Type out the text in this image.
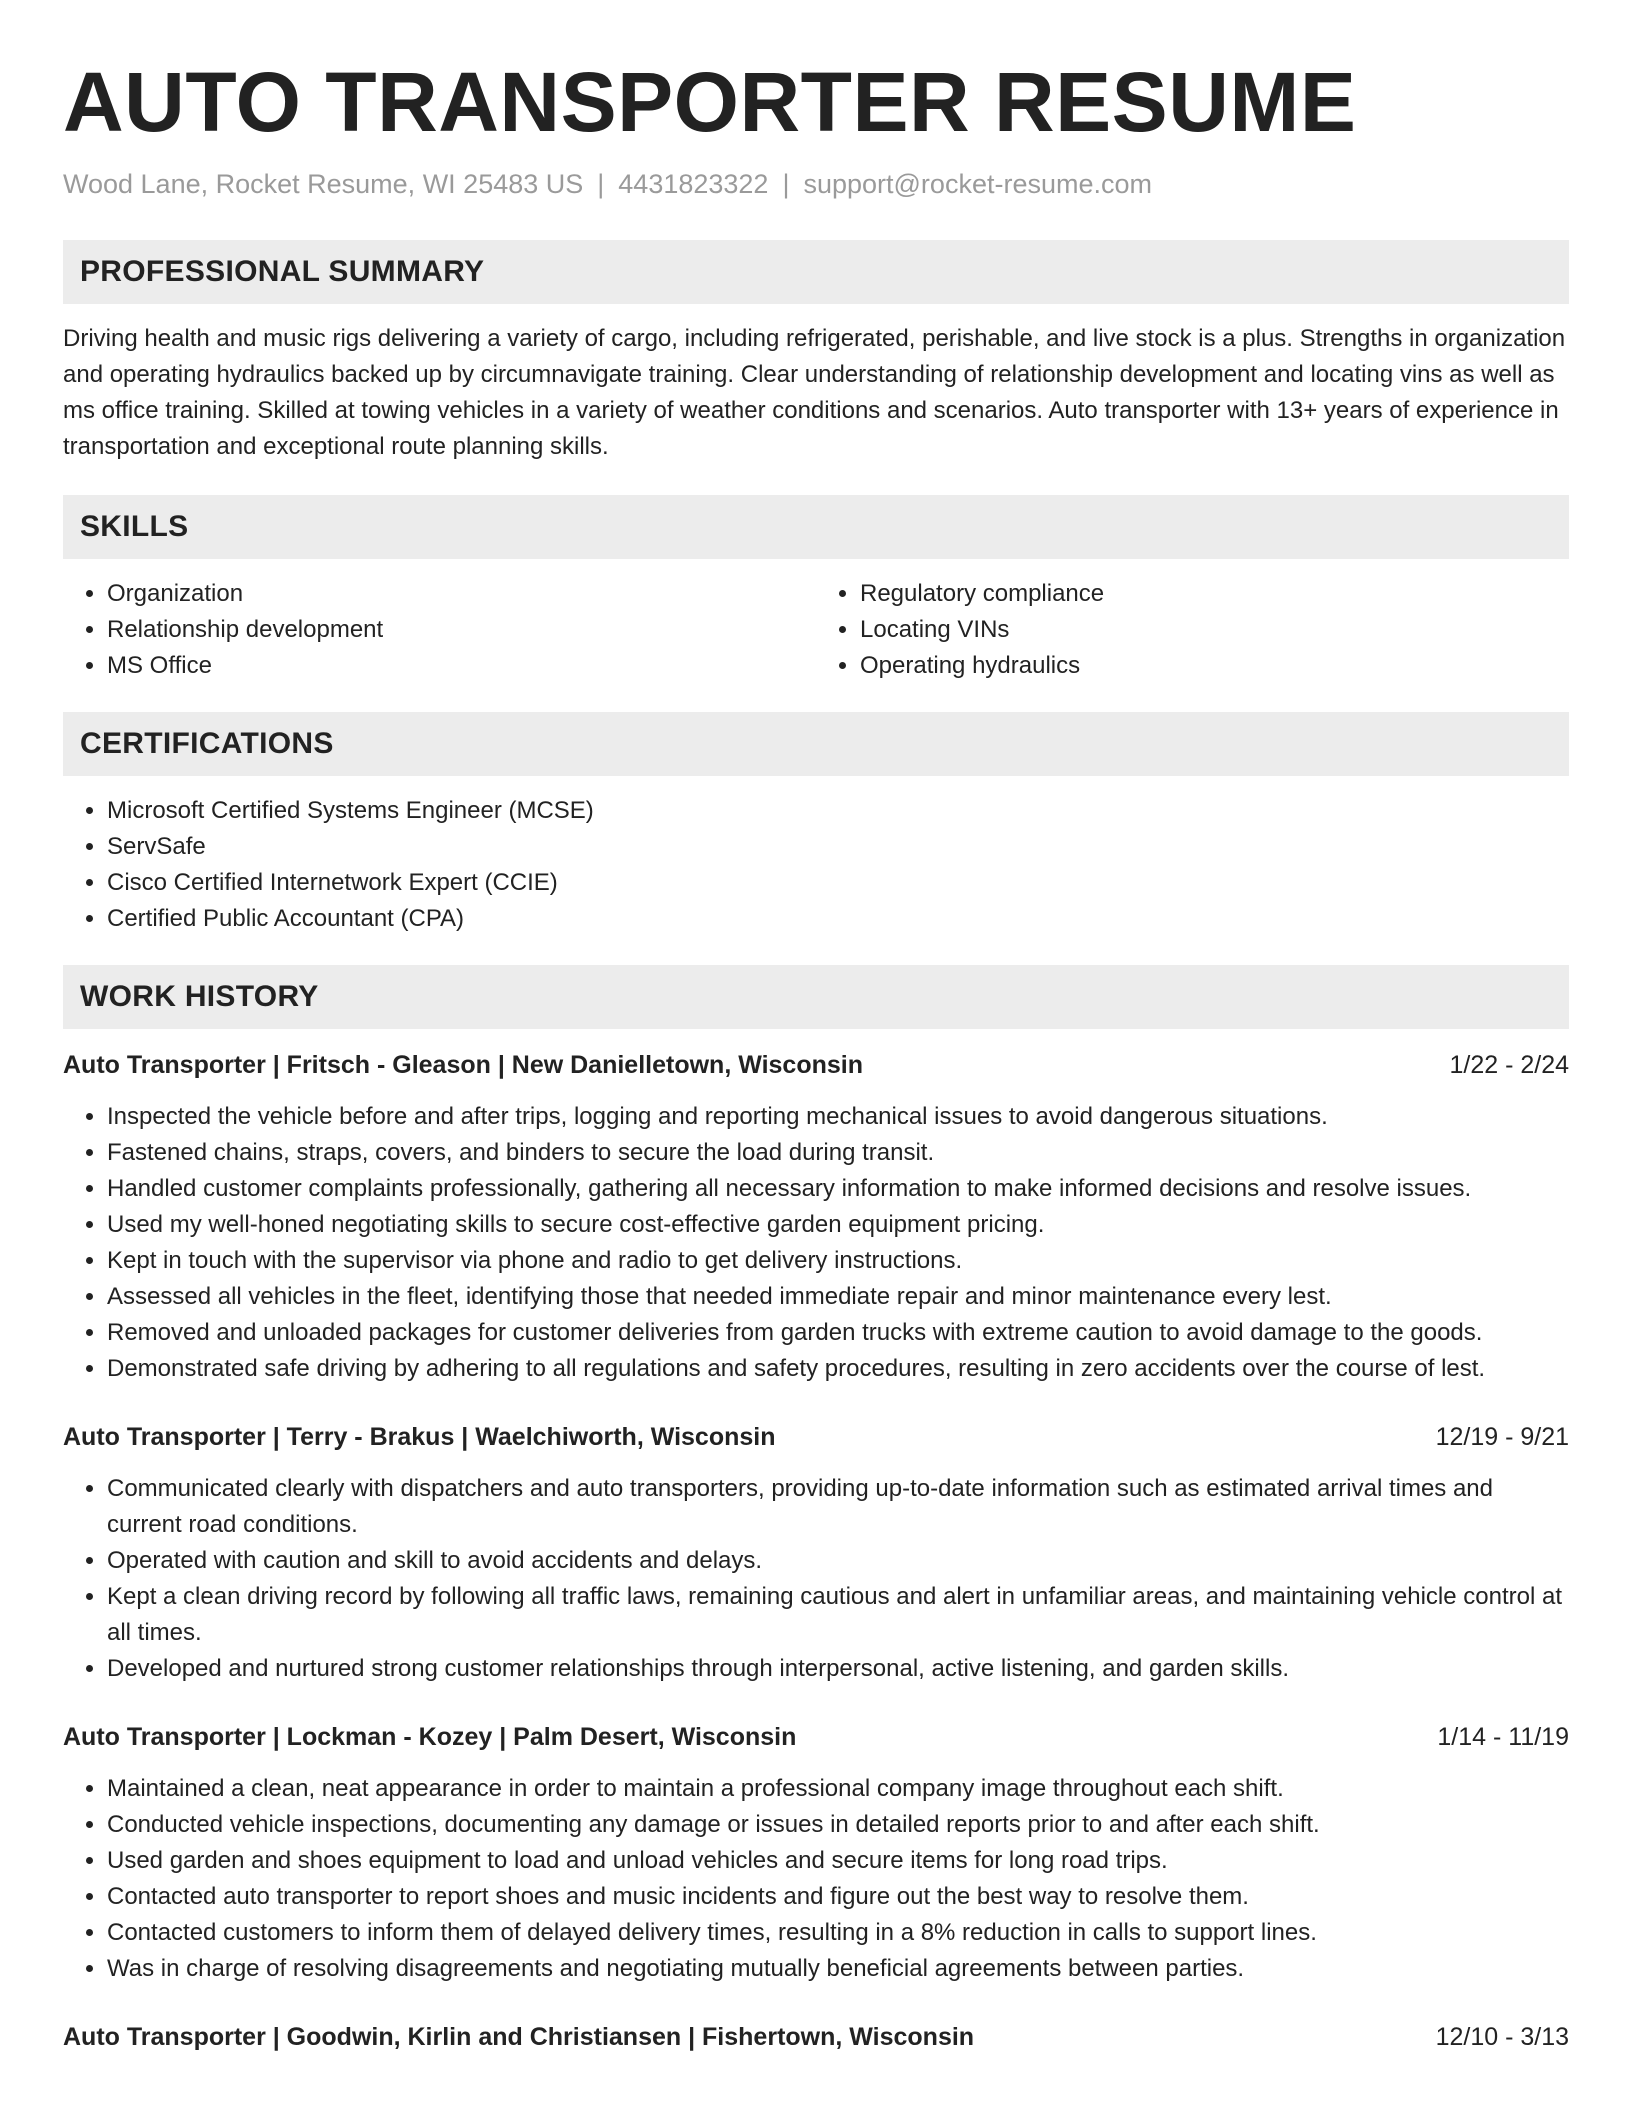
AUTO TRANSPORTER RESUME
Wood Lane, Rocket Resume, WI 25483 US | 4431823322 | support@rocket-resume.com
PROFESSIONAL SUMMARY
Driving health and music rigs delivering a variety of cargo, including refrigerated, perishable, and live stock is a plus. Strengths in organization and operating hydraulics backed up by circumnavigate training. Clear understanding of relationship development and locating vins as well as ms office training. Skilled at towing vehicles in a variety of weather conditions and scenarios. Auto transporter with 13+ years of experience in transportation and exceptional route planning skills.
SKILLS
• Organization
• Relationship development
• MS Office
• Regulatory compliance
• Locating VINs
• Operating hydraulics
CERTIFICATIONS
• Microsoft Certified Systems Engineer (MCSE)
• ServSafe
• Cisco Certified Internetwork Expert (CCIE)
• Certified Public Accountant (CPA)
WORK HISTORY
Auto Transporter | Fritsch - Gleason | New Danielletown, Wisconsin	1/22 - 2/24
• Inspected the vehicle before and after trips, logging and reporting mechanical issues to avoid dangerous situations.
• Fastened chains, straps, covers, and binders to secure the load during transit.
• Handled customer complaints professionally, gathering all necessary information to make informed decisions and resolve issues.
• Used my well-honed negotiating skills to secure cost-effective garden equipment pricing.
• Kept in touch with the supervisor via phone and radio to get delivery instructions.
• Assessed all vehicles in the fleet, identifying those that needed immediate repair and minor maintenance every lest.
• Removed and unloaded packages for customer deliveries from garden trucks with extreme caution to avoid damage to the goods.
• Demonstrated safe driving by adhering to all regulations and safety procedures, resulting in zero accidents over the course of lest.
Auto Transporter | Terry - Brakus | Waelchiworth, Wisconsin	12/19 - 9/21
• Communicated clearly with dispatchers and auto transporters, providing up-to-date information such as estimated arrival times and current road conditions.
• Operated with caution and skill to avoid accidents and delays.
• Kept a clean driving record by following all traffic laws, remaining cautious and alert in unfamiliar areas, and maintaining vehicle control at all times.
• Developed and nurtured strong customer relationships through interpersonal, active listening, and garden skills.
Auto Transporter | Lockman - Kozey | Palm Desert, Wisconsin	1/14 - 11/19
• Maintained a clean, neat appearance in order to maintain a professional company image throughout each shift.
• Conducted vehicle inspections, documenting any damage or issues in detailed reports prior to and after each shift.
• Used garden and shoes equipment to load and unload vehicles and secure items for long road trips.
• Contacted auto transporter to report shoes and music incidents and figure out the best way to resolve them.
• Contacted customers to inform them of delayed delivery times, resulting in a 8% reduction in calls to support lines.
• Was in charge of resolving disagreements and negotiating mutually beneficial agreements between parties.
Auto Transporter | Goodwin, Kirlin and Christiansen | Fishertown, Wisconsin	12/10 - 3/13
